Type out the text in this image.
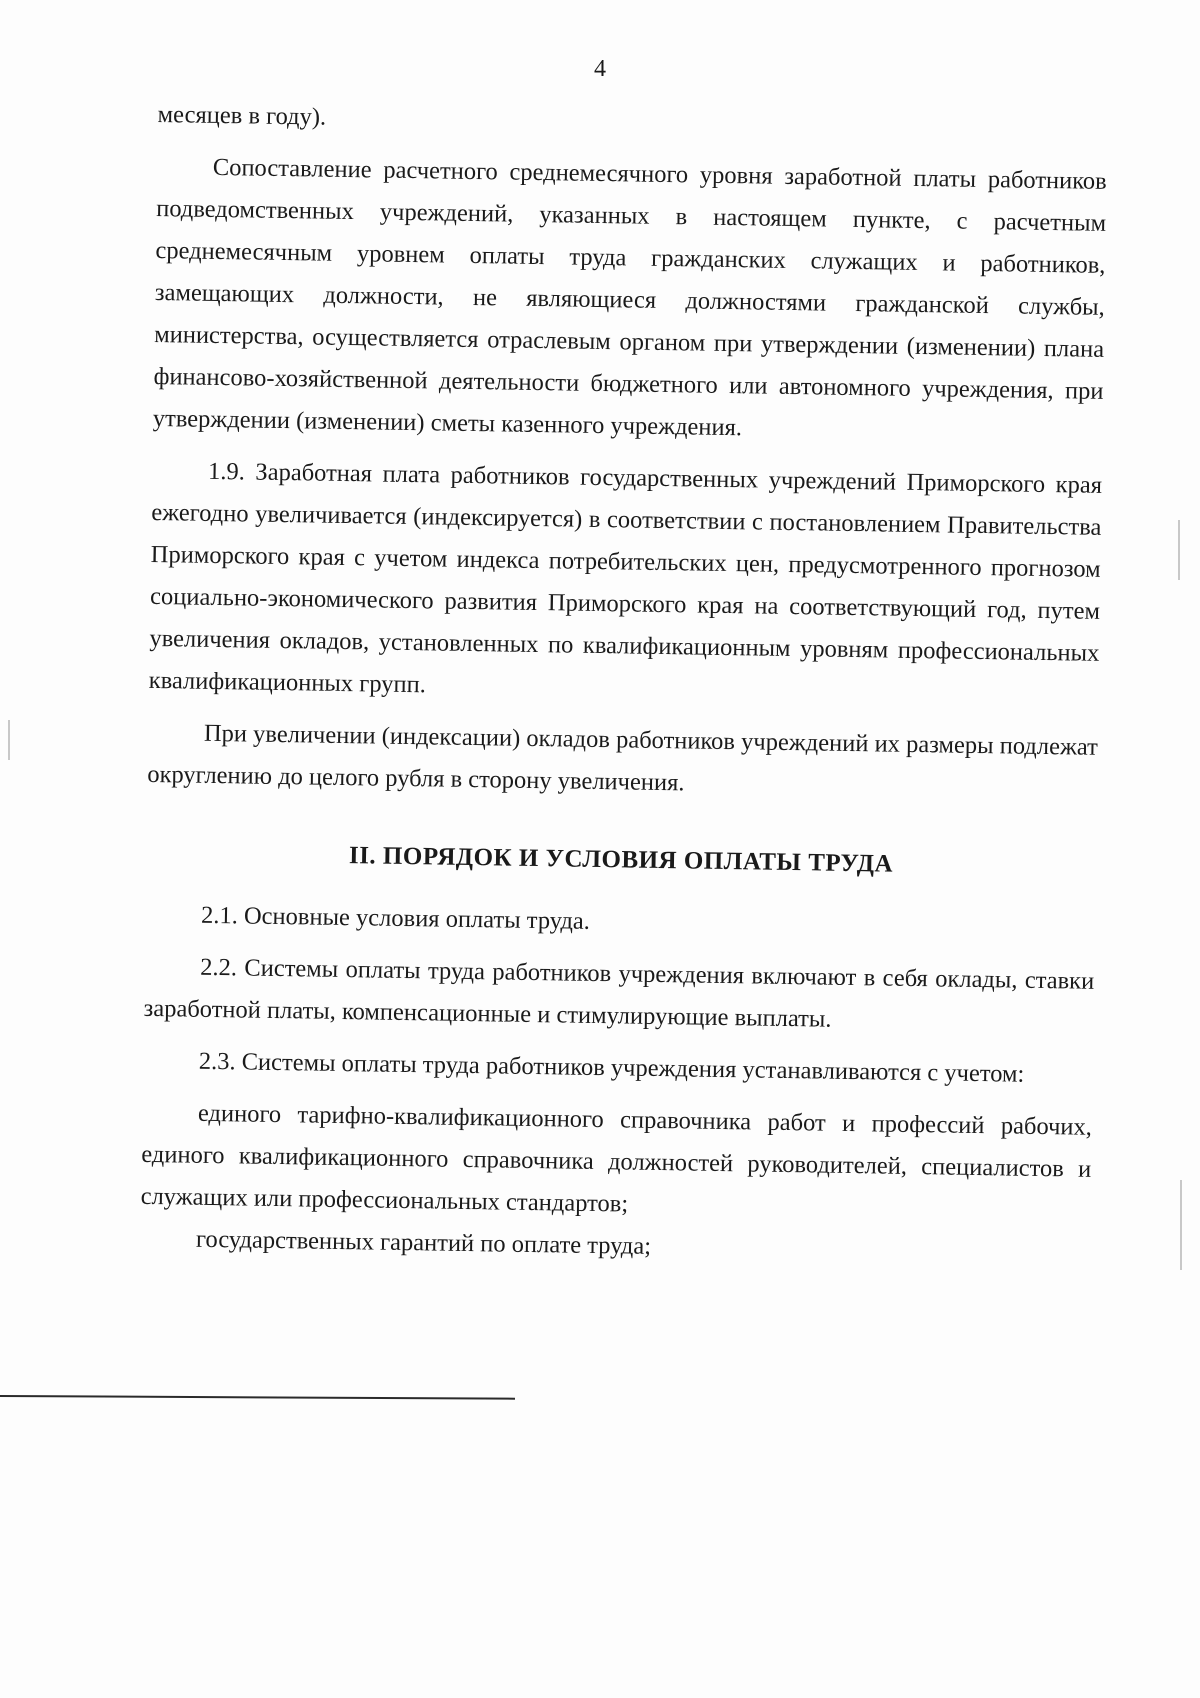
4

месяцев в году).

Сопоставление расчетного среднемесячного уровня заработной платы работников подведомственных учреждений, указанных в настоящем пункте, с расчетным среднемесячным уровнем оплаты труда гражданских служащих и работников, замещающих должности, не являющиеся должностями гражданской службы, министерства, осуществляется отраслевым органом при утверждении (изменении) плана финансово-хозяйственной деятельности бюджетного или автономного учреждения, при утверждении (изменении) сметы казенного учреждения.

1.9. Заработная плата работников государственных учреждений Приморского края ежегодно увеличивается (индексируется) в соответствии с постановлением Правительства Приморского края с учетом индекса потребительских цен, предусмотренного прогнозом социально-экономического развития Приморского края на соответствующий год, путем увеличения окладов, установленных по квалификационным уровням профессиональных квалификационных групп.

При увеличении (индексации) окладов работников учреждений их размеры подлежат округлению до целого рубля в сторону увеличения.

II. ПОРЯДОК И УСЛОВИЯ ОПЛАТЫ ТРУДА

2.1. Основные условия оплаты труда.

2.2. Системы оплаты труда работников учреждения включают в себя оклады, ставки заработной платы, компенсационные и стимулирующие выплаты.

2.3. Системы оплаты труда работников учреждения устанавливаются с учетом:

единого тарифно-квалификационного справочника работ и профессий рабочих, единого квалификационного справочника должностей руководителей, специалистов и служащих или профессиональных стандартов;

государственных гарантий по оплате труда;
